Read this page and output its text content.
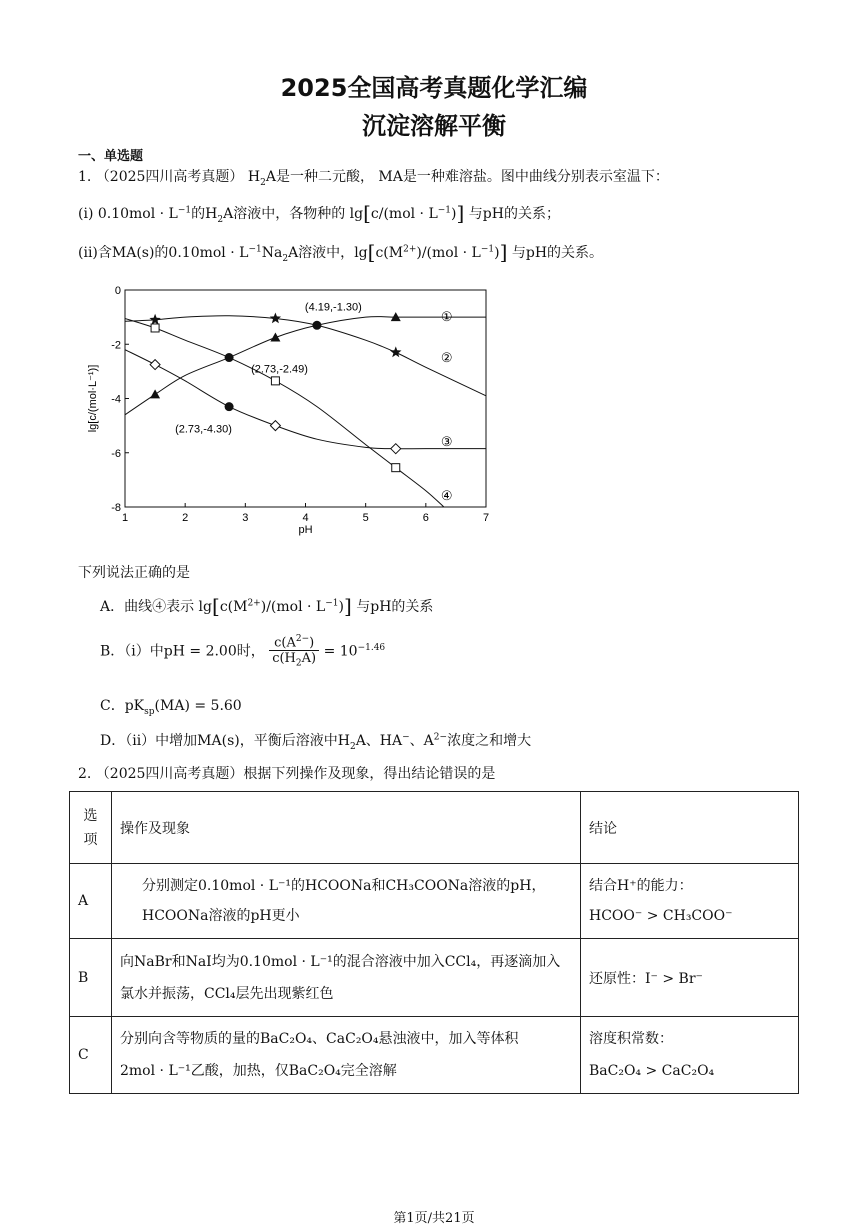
2025全国高考真题化学汇编
沉淀溶解平衡
一、单选题
1. （2025四川高考真题） $H_2A$是一种二元酸， MA是一种难溶盐。图中曲线分别表示室温下：
(i) $0.10mol \cdot L^{-1}$的$H_2A$溶液中，各物种的 $\lg[c/(mol \cdot L^{-1})]$ 与pH的关系；
(ⅱ)含MA(s)的$0.10mol \cdot L^{-1}Na_2A$溶液中，$\lg[c(M^{2+})/(mol \cdot L^{-1})]$ 与pH的关系。
1	2	3	4	5	6	7
0
-2
-4
-6
-8
pH
lg[c/(mol·L⁻¹)]	(2.73,-2.49)
(2.73,-4.30)
(4.19,-1.30)
①
②
③
④
下列说法正确的是
A．曲线④表示 $\lg[c(M^{2+})/(mol \cdot L^{-1})]$ 与pH的关系
B．（ⅰ）中pH = 2.00时， $\frac{c(A^{2-})}{c(H_2A)} = 10^{-1.46}$
C．$pK_{sp}(MA) = 5.60$
D．（ⅱ）中增加MA(s)，平衡后溶液中$H_2A$、HA−、$A^{2-}$浓度之和增大
2. （2025四川高考真题）根据下列操作及现象，得出结论错误的是
选
项	操作及现象	结论
A	分别测定0.10mol · L⁻¹的HCOONa和CH₃COONa溶液的pH，
HCOONa溶液的pH更小	结合H⁺的能力：
HCOO⁻ > CH₃COO⁻
B	向NaBr和NaI均为0.10mol · L⁻¹的混合溶液中加入CCl₄，再逐滴加入
氯水并振荡，CCl₄层先出现紫红色	还原性：I⁻ > Br⁻
C	分别向含等物质的量的BaC₂O₄、CaC₂O₄悬浊液中，加入等体积
2mol · L⁻¹乙酸，加热，仅BaC₂O₄完全溶解	溶度积常数：
BaC₂O₄ > CaC₂O₄
第1页/共21页
